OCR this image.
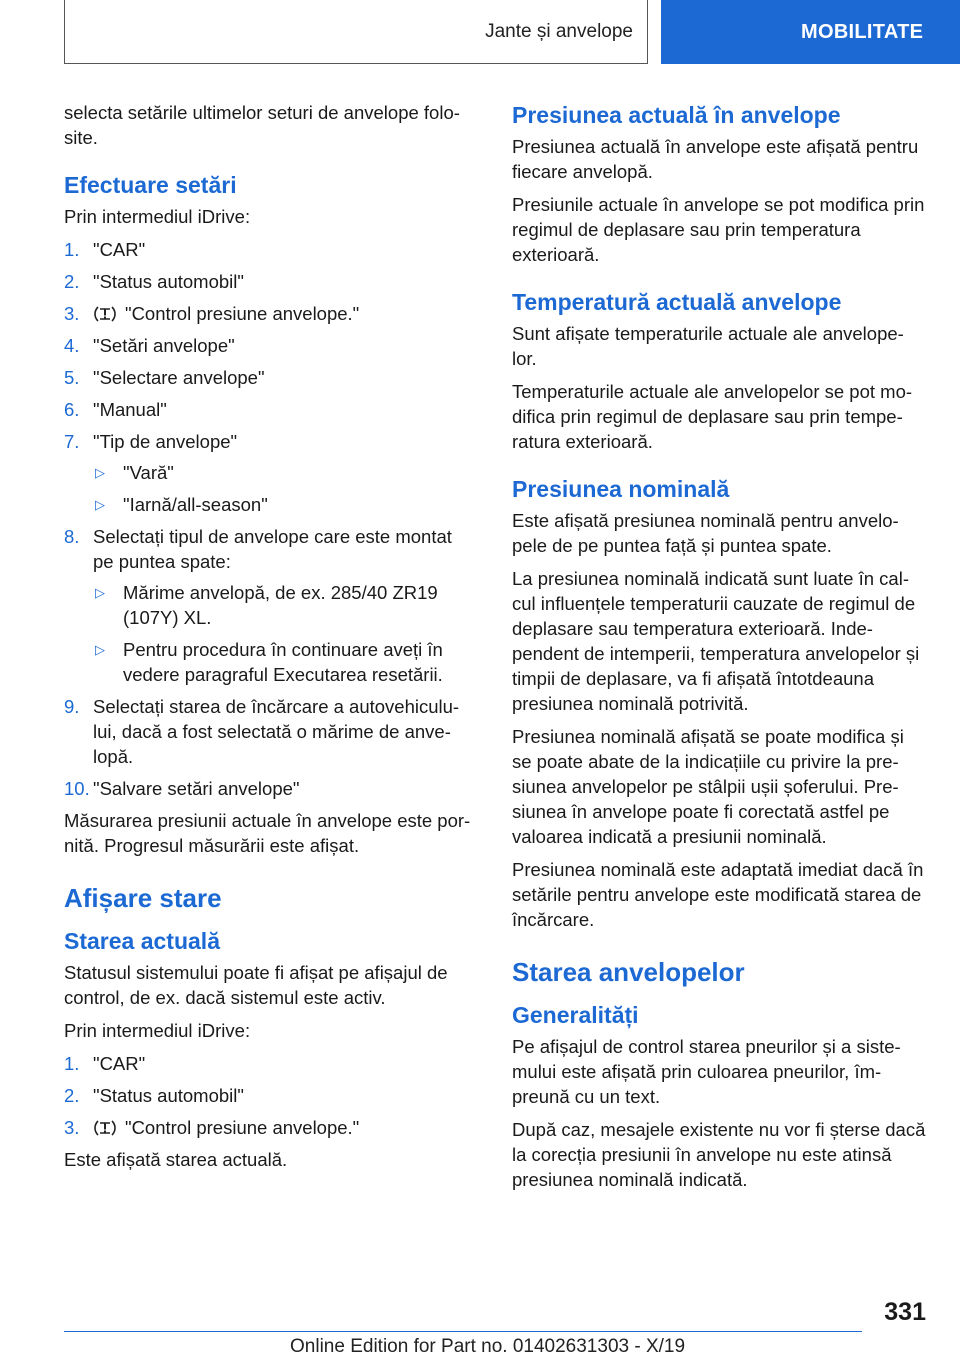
Jante și anvelope	MOBILITATE

selecta setările ultimelor seturi de anvelope folo-site.

Efectuare setări

Prin intermediul iDrive:

1. "CAR"
2. "Status automobil"
3. "Control presiune anvelope."
4. "Setări anvelope"
5. "Selectare anvelope"
6. "Manual"
7. "Tip de anvelope"
▷ "Vară"
▷ "Iarnă/all-season"
8. Selectați tipul de anvelope care este montat pe puntea spate:
▷ Mărime anvelopă, de ex. 285/40 ZR19 (107Y) XL.
▷ Pentru procedura în continuare aveți în vedere paragraful Executarea resetării.
9. Selectați starea de încărcare a autovehiculu-lui, dacă a fost selectată o mărime de anve-lopă.
10. "Salvare setări anvelope"

Măsurarea presiunii actuale în anvelope este por-nită. Progresul măsurării este afișat.

Afișare stare
Starea actuală

Statusul sistemului poate fi afișat pe afișajul de control, de ex. dacă sistemul este activ.

Prin intermediul iDrive:

1. "CAR"
2. "Status automobil"
3. "Control presiune anvelope."

Este afișată starea actuală.

Presiunea actuală în anvelope

Presiunea actuală în anvelope este afișată pentru fiecare anvelopă.

Presiunile actuale în anvelope se pot modifica prin regimul de deplasare sau prin temperatura exterioară.

Temperatură actuală anvelope

Sunt afișate temperaturile actuale ale anvelope-lor.

Temperaturile actuale ale anvelopelor se pot mo-difica prin regimul de deplasare sau prin tempe-ratura exterioară.

Presiunea nominală

Este afișată presiunea nominală pentru anvelo-pele de pe puntea față și puntea spate.

La presiunea nominală indicată sunt luate în cal-cul influențele temperaturii cauzate de regimul de deplasare sau temperatura exterioară. Inde-pendent de intemperii, temperatura anvelopelor și timpii de deplasare, va fi afișată întotdeauna presiunea nominală potrivită.

Presiunea nominală afișată se poate modifica și se poate abate de la indicațiile cu privire la pre-siunea anvelopelor pe stâlpii ușii șoferului. Pre-siunea în anvelope poate fi corectată astfel pe valoarea indicată a presiunii nominală.

Presiunea nominală este adaptată imediat dacă în setările pentru anvelope este modificată starea de încărcare.

Starea anvelopelor
Generalități

Pe afișajul de control starea pneurilor și a siste-mului este afișată prin culoarea pneurilor, îm-preună cu un text.

După caz, mesajele existente nu vor fi șterse dacă la corecția presiunii în anvelope nu este atinsă presiunea nominală indicată.

331
Online Edition for Part no. 01402631303 - X/19
